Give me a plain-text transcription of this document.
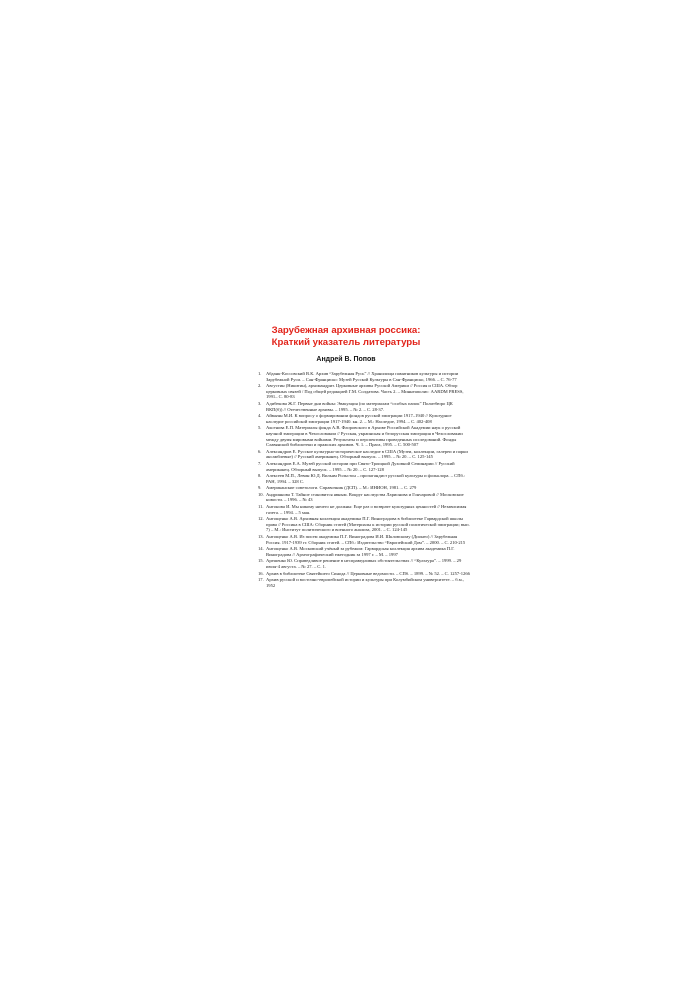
Зарубежная архивная россика:
Краткий указатель литературы
Андрей В. Попов
1. Абданк-Коссовский В.К. Архив “Зарубежная Русь” // Хранилища памятников культуры и истории Зарубежной Руси. – Сан-Франциско: Музей Русской Культуры в Сан-Франциско, 1966. – С. 76-77
2. Августин (Никитин), архимандрит. Церковные архивы Русской Америки // Россия и США. Обзор церковных связей / Под общей редакцией Г.М. Солдатова. Часть 2. – Миннеаполис: AARDM PRESS, 1991– С. 80-83
3. Адибекова Ж.Г. Первые дни войны: Эвакуация (по материалам “особых папок” Политбюро ЦК ВКП(б)) // Отечественные архивы. – 1995. – № 2. – С. 28-37.
4. Айваzян М.И. К вопросу о формировании фондов русской эмиграции 1917–1940 // Культурное наследие российской эмиграции 1917-1940. кн. 2. – М.: Наследие, 1994. – С. 402-408
5. Аксенова Е.П. Материалы фонда А.В. Флоровского в Архиве Российской Академии наук о русской научной эмиграции в Чехословакии // Русская, украинская и белорусская эмиграция в Чехословакии между двумя мировыми войнами. Результаты и перспективы проведенных исследований. Фонды Славянской библиотеки и пражских архивов. Ч. 1. – Прага, 1995. – С. 500-507
6. Александров Е. Русское культурно-историческое наследие в США (Музеи, коллекции, галереи и парки ансамблевые) // Русский американец. Обзорный выпуск. – 1995. – № 20. – С. 125-145
7. Александров Е.А. Музей русской истории при Свято-Троицкой Духовной Семинарии // Русский американец. Обзорный выпуск. – 1995. – № 20. – С. 127-128
8. Алексеев М.П., Левин Ю.Д. Вильям Рольстон – пропагандист русской культуры и фольклора. – СПб.: РАН, 1994. – 328 С.
9. Американские советологи. Справочник (ДСП). – М.: ИНИОН, 1981. – С. 279
10. Андриянова Т. Тайное становится явным. Вокруг наследства Ларионова и Гончаровой // Московские новости. – 1996. – № 43
11. Антонова И. Мы никому ничего не должны: Еще раз о возврате культурных ценностей // Независимая газета. – 1994. – 5 мая.
12. Антощенко А.В. Архивная коллекция академика П.Г. Виноградова в библиотеке Гарвардской школы права // Россика в США: Сборник статей (Материалы к истории русской политической эмиграции; вып. 7) – М.: Институт политического и военного анализа, 2001. – С. 124-145
13. Антощенко А.В. Из писем академика П.Г. Виноградова И.И. Шкловскому (Дионео) // Зарубежная Россия. 1917-1939 гг. Сборник статей. – СПб.: Издательство “Европейский Дом”. – 2000. – С. 210-215
14. Антощенко А.В. Московский учёный за рубежом: Гарвардская коллекция архива академика П.Г. Виноградова // Археографический ежегодник за 1997 г. – М. – 1997
15. Арешенко Ю. Справедливое решение в несправедливых обстоятельствах // “Культура”. – 1999. – 29 июля-4 августа. – № 27. – С. 1.
16. Архив в библиотеке Святейшего Синода // Церковные ведомости. – СПб. – 1899. – № 52. – С. 1257-1266
17. Архив русской и восточно-европейской истории и культуры при Колумбийском университете. – б.м., 1952
